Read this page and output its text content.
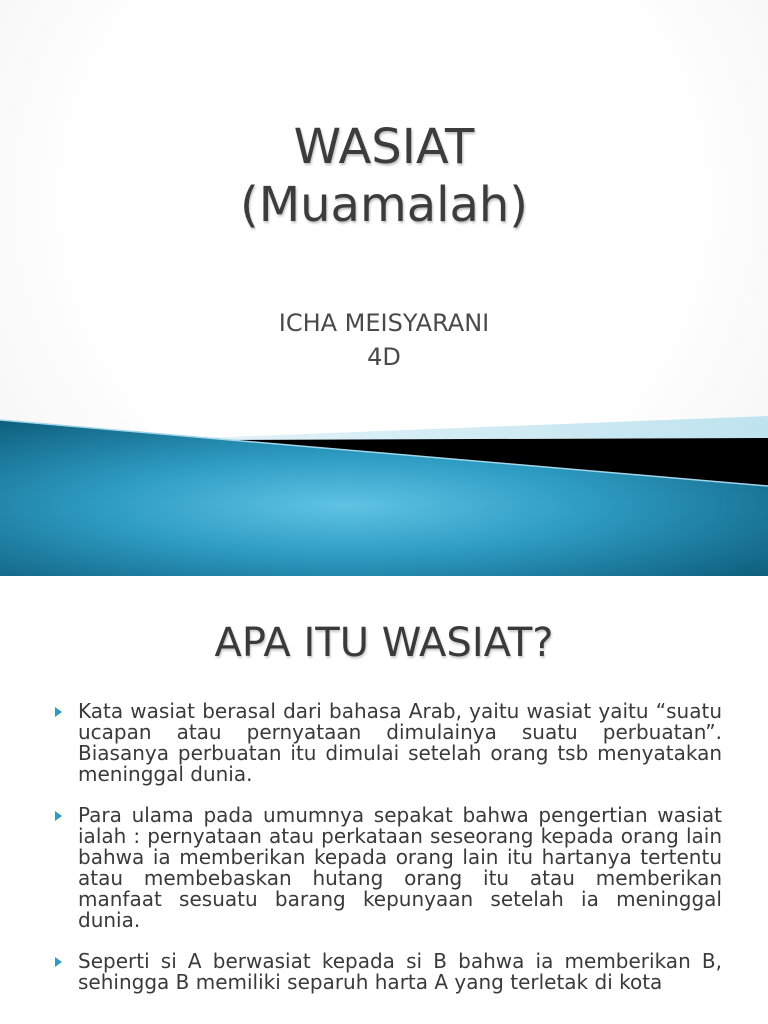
WASIAT
(Muamalah)
ICHA MEISYARANI
4D
APA ITU WASIAT?

Kata wasiat berasal dari bahasa Arab, yaitu wasiat yaitu “suatu ucapan atau pernyataan dimulainya suatu perbuatan”. Biasanya perbuatan itu dimulai setelah orang tsb menyatakan meninggal dunia.

Para ulama pada umumnya sepakat bahwa pengertian wasiat ialah : pernyataan atau perkataan seseorang kepada orang lain bahwa ia memberikan kepada orang lain itu hartanya tertentu atau membebaskan hutang orang itu atau memberikan manfaat sesuatu barang kepunyaan setelah ia meninggal dunia.

Seperti si A berwasiat kepada si B bahwa ia memberikan B, sehingga B memiliki separuh harta A yang terletak di kota
